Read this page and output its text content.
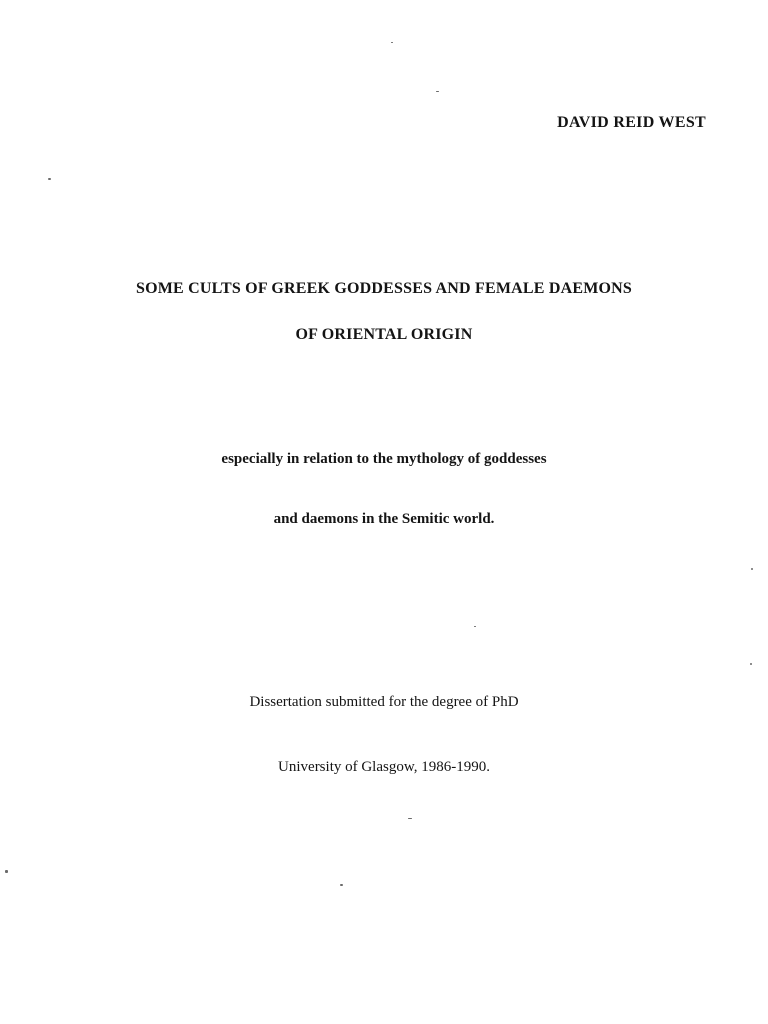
DAVID REID WEST
SOME CULTS OF GREEK GODDESSES AND FEMALE DAEMONS
OF ORIENTAL ORIGIN
especially in relation to the mythology of goddesses
and daemons in the Semitic world.
Dissertation submitted for the degree of PhD
University of Glasgow, 1986-1990.
